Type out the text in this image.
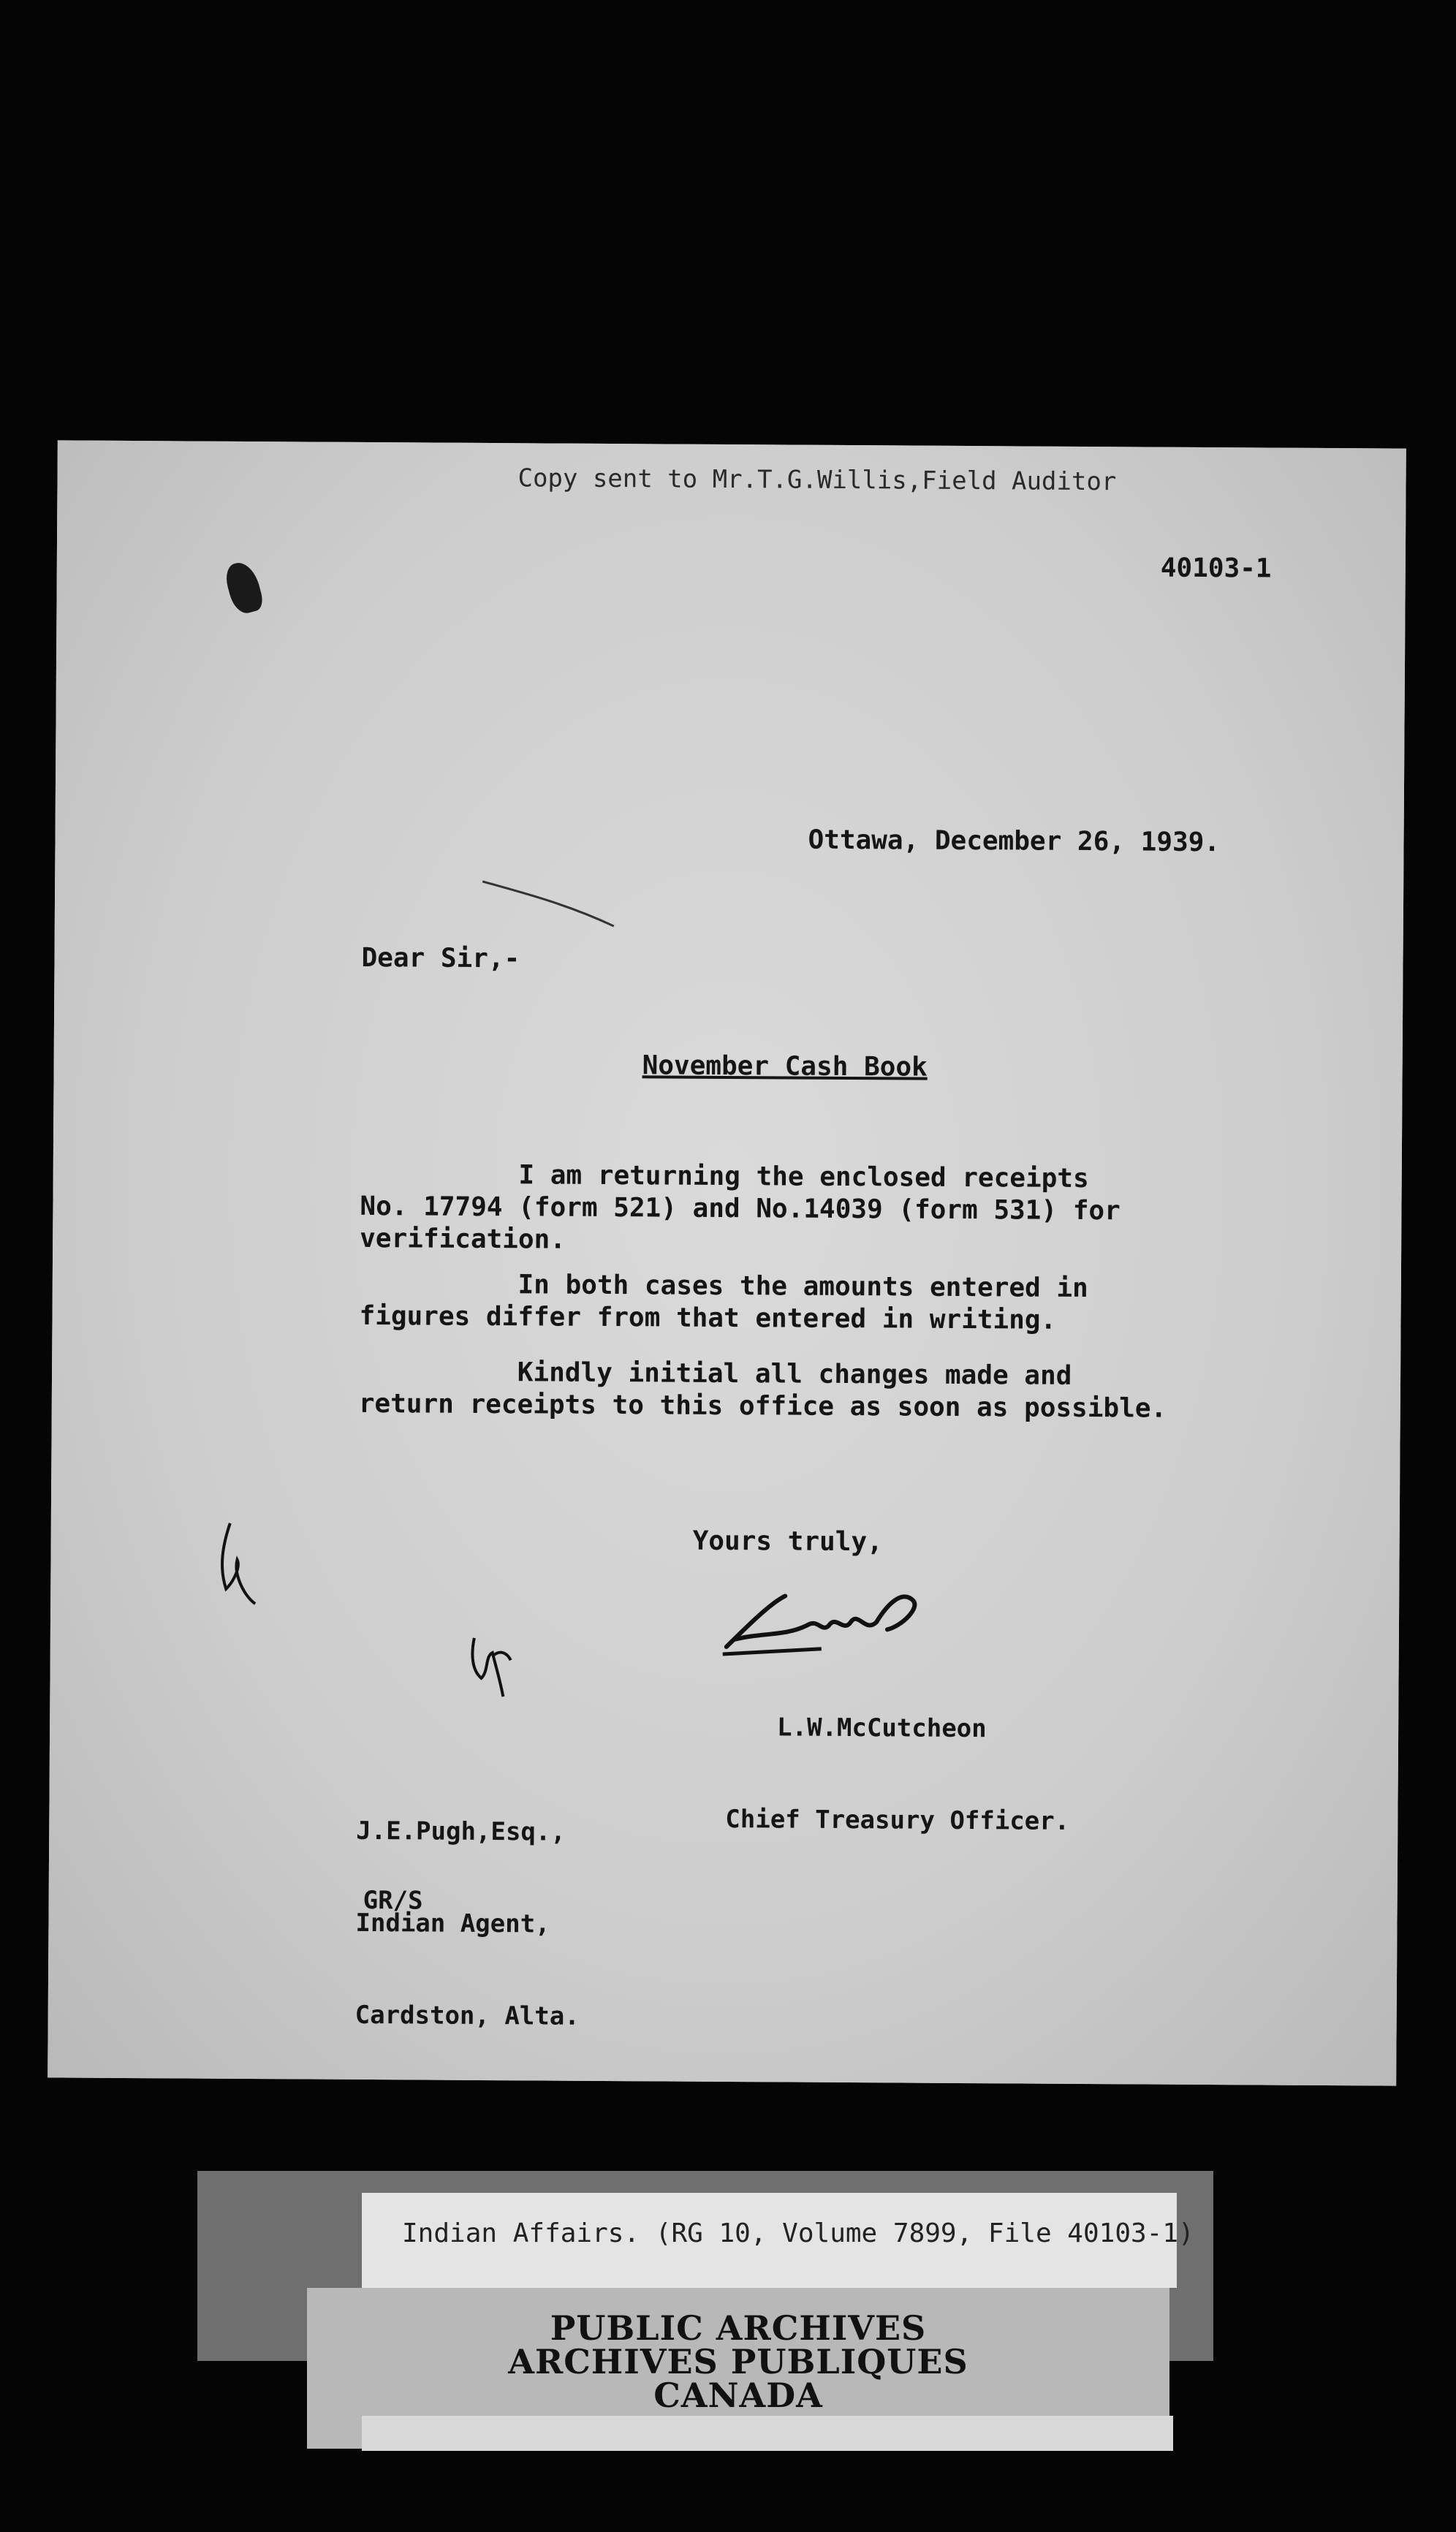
Copy sent to Mr.T.G.Willis,Field Auditor
40103-1
Ottawa, December 26, 1939.
Dear Sir,-
November Cash Book
I am returning the enclosed receipts
No. 17794 (form 521) and No.14039 (form 531) for
verification.
In both cases the amounts entered in
figures differ from that entered in writing.
Kindly initial all changes made and
return receipts to this office as soon as possible.
Yours truly,

L.W.McCutcheon

Chief Treasury Officer.

J.E.Pugh,Esq.,

Indian Agent,

Cardston, Alta.

GR/S
Indian Affairs. (RG 10, Volume 7899, File 40103-1)
PUBLIC ARCHIVES
ARCHIVES PUBLIQUES
CANADA
